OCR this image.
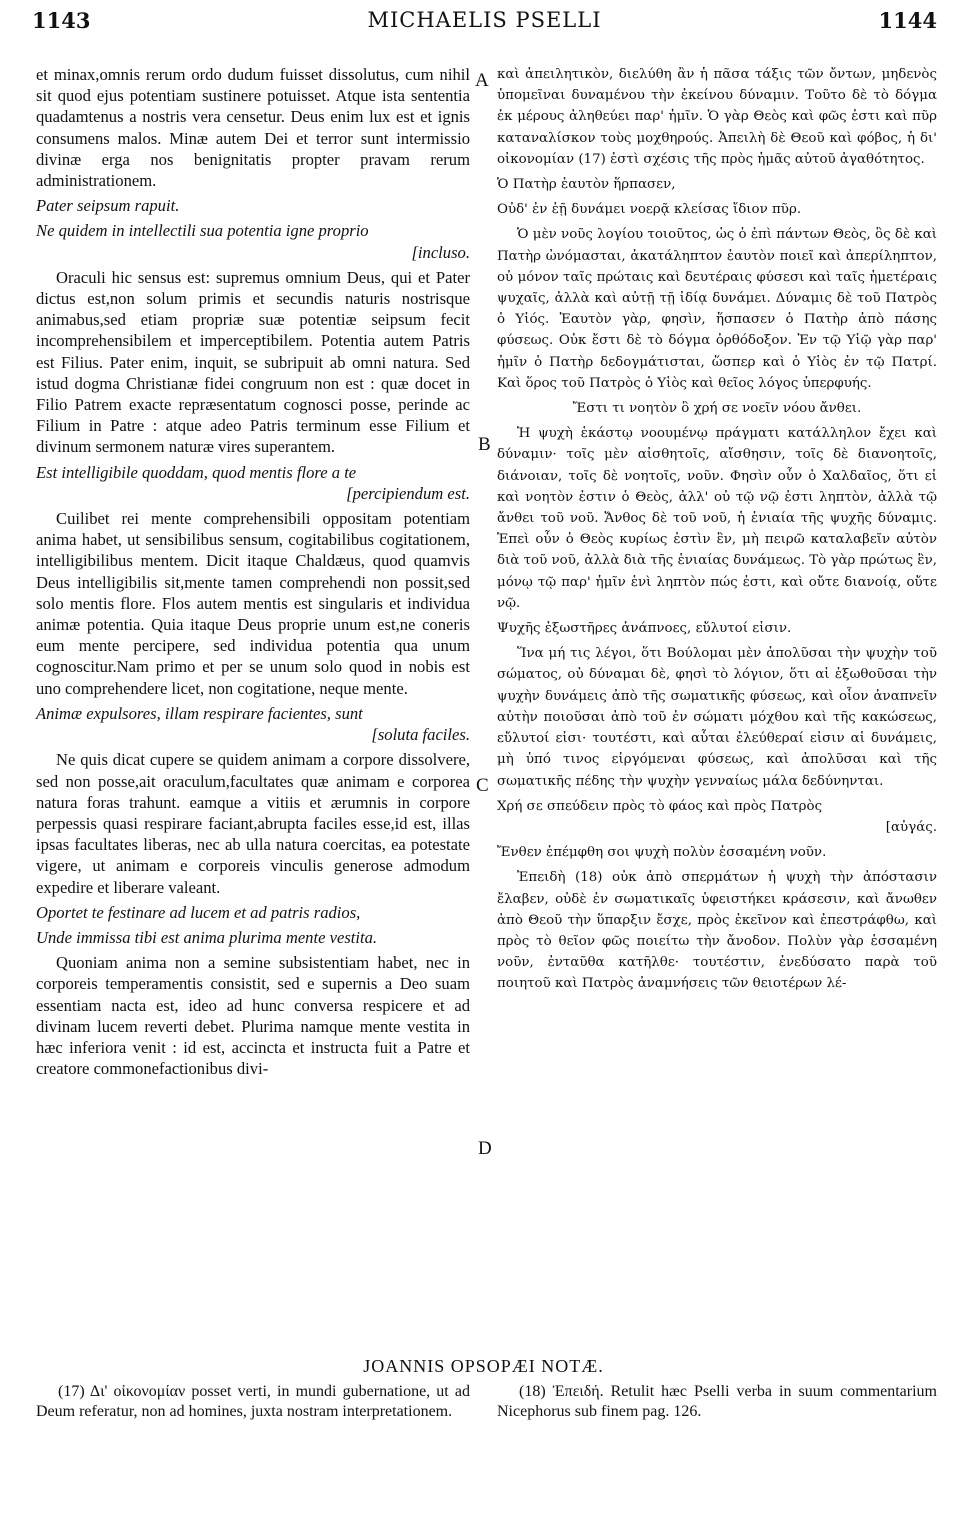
1143	MICHAELIS PSELLI	1144
et minax,omnis rerum ordo dudum fuisset dissolutus, cum nihil sit quod ejus potentiam sustinere potuisset. Atque ista sententia quadamtenus a nostris vera censetur. Deus enim lux est et ignis consumens malos. Minæ autem Dei et terror sunt intermissio divinæ erga nos benignitatis propter pravam rerum administrationem.
Pater seipsum rapuit.
Ne quidem in intellectili sua potentia igne proprio
[incluso.
Oraculi hic sensus est: supremus omnium Deus, qui et Pater dictus est,non solum primis et secundis naturis nostrisque animabus,sed etiam propriæ suæ potentiæ seipsum fecit incomprehensibilem et imperceptibilem. Potentia autem Patris est Filius. Pater enim, inquit, se subripuit ab omni natura. Sed istud dogma Christianæ fidei congruum non est : quæ docet in Filio Patrem exacte repræsentatum cognosci posse, perinde ac Filium in Patre : atque adeo Patris terminum esse Filium et divinum sermonem naturæ vires superantem.
Est intelligibile quoddam, quod mentis flore a te
[percipiendum est.
Cuilibet rei mente comprehensibili oppositam potentiam anima habet, ut sensibilibus sensum, cogitabilibus cogitationem, intelligibilibus mentem. Dicit itaque Chaldæus, quod quamvis Deus intelligibilis sit,mente tamen comprehendi non possit,sed solo mentis flore. Flos autem mentis est singularis et individua animæ potentia. Quia itaque Deus proprie unum est,ne coneris eum mente percipere, sed individua potentia qua unum cognoscitur.Nam primo et per se unum solo quod in nobis est uno comprehendere licet, non cogitatione, neque mente.
Animæ expulsores, illam respirare facientes, sunt
[soluta faciles.
Ne quis dicat cupere se quidem animam a corpore dissolvere, sed non posse,ait oraculum,facultates quæ animam e corporea natura foras trahunt. eamque a vitiis et ærumnis in corpore perpessis quasi respirare faciant,abrupta faciles esse,id est, illas ipsas facultates liberas, nec ab ulla natura coercitas, ea potestate vigere, ut animam e corporeis vinculis generose admodum expedire et liberare valeant.
Oportet te festinare ad lucem et ad patris radios,
Unde immissa tibi est anima plurima mente vestita.
Quoniam anima non a semine subsistentiam habet, nec in corporeis temperamentis consistit, sed e supernis a Deo suam essentiam nacta est, ideo ad hunc conversa respicere et ad divinam lucem reverti debet. Plurima namque mente vestita in hæc inferiora venit : id est, accincta et instructa fuit a Patre et creatore commonefactionibus divi-
καὶ ἀπειλητικὸν, διελύθη ἂν ἡ πᾶσα τάξις τῶν ὄντων, μηδενὸς ὑπομεῖναι δυναμένου τὴν ἐκείνου δύναμιν. Τοῦτο δὲ τὸ δόγμα ἐκ μέρους ἀληθεύει παρ' ἡμῖν. Ὁ γὰρ Θεὸς καὶ φῶς ἐστι καὶ πῦρ καταναλίσκον τοὺς μοχθηρούς. Ἀπειλὴ δὲ Θεοῦ καὶ φόβος, ἡ δι' οἰκονομίαν (17) ἐστὶ σχέσις τῆς πρὸς ἡμᾶς αὐτοῦ ἀγαθότητος.
Ὁ Πατὴρ ἑαυτὸν ἥρπασεν,
Οὐδ' ἐν ἑῇ δυνάμει νοερᾷ κλείσας ἴδιον πῦρ.
Ὁ μὲν νοῦς λογίου τοιοῦτος, ὡς ὁ ἐπὶ πάντων Θεὸς, ὃς δὲ καὶ Πατὴρ ὠνόμασται, ἀκατάληπτον ἑαυτὸν ποιεῖ καὶ ἀπερίληπτον, οὐ μόνον ταῖς πρώταις καὶ δευτέραις φύσεσι καὶ ταῖς ἡμετέραις ψυχαῖς, ἀλλὰ καὶ αὐτῇ τῇ ἰδίᾳ δυνάμει. Δύναμις δὲ τοῦ Πατρὸς ὁ Υἱός. Ἑαυτὸν γὰρ, φησὶν, ἥσπασεν ὁ Πατὴρ ἀπὸ πάσης φύσεως. Οὐκ ἔστι δὲ τὸ δόγμα ὀρθόδοξον. Ἐν τῷ Υἱῷ γὰρ παρ' ἡμῖν ὁ Πατὴρ δεδογμάτισται, ὥσπερ καὶ ὁ Υἱὸς ἐν τῷ Πατρί. Καὶ ὅρος τοῦ Πατρὸς ὁ Υἱὸς καὶ θεῖος λόγος ὑπερφυής.
Ἔστι τι νοητὸν ὃ χρή σε νοεῖν νόου ἄνθει.
Ἡ ψυχὴ ἑκάστῳ νοουμένῳ πράγματι κατάλληλον ἔχει καὶ δύναμιν· τοῖς μὲν αἰσθητοῖς, αἴσθησιν, τοῖς δὲ διανοητοῖς, διάνοιαν, τοῖς δὲ νοητοῖς, νοῦν. Φησὶν οὖν ὁ Χαλδαῖος, ὅτι εἰ καὶ νοητὸν ἐστιν ὁ Θεὸς, ἀλλ' οὐ τῷ νῷ ἐστι ληπτὸν, ἀλλὰ τῷ ἄνθει τοῦ νοῦ. Ἄνθος δὲ τοῦ νοῦ, ἡ ἑνιαία τῆς ψυχῆς δύναμις. Ἐπεὶ οὖν ὁ Θεὸς κυρίως ἐστὶν ἓν, μὴ πειρῶ καταλαβεῖν αὐτὸν διὰ τοῦ νοῦ, ἀλλὰ διὰ τῆς ἑνιαίας δυνάμεως. Τὸ γὰρ πρώτως ἓν, μόνῳ τῷ παρ' ἡμῖν ἑνὶ ληπτὸν πώς ἐστι, καὶ οὔτε διανοίᾳ, οὔτε νῷ.
Ψυχῆς ἐξωστῆρες ἀνάπνοες, εὔλυτοί εἰσιν.
Ἵνα μή τις λέγοι, ὅτι Βούλομαι μὲν ἀπολῦσαι τὴν ψυχὴν τοῦ σώματος, οὐ δύναμαι δὲ, φησὶ τὸ λόγιον, ὅτι αἱ ἐξωθοῦσαι τὴν ψυχὴν δυνάμεις ἀπὸ τῆς σωματικῆς φύσεως, καὶ οἷον ἀναπνεῖν αὐτὴν ποιοῦσαι ἀπὸ τοῦ ἐν σώματι μόχθου καὶ τῆς κακώσεως, εὔλυτοί εἰσι· τουτέστι, καὶ αὗται ἐλεύθεραί εἰσιν αἱ δυνάμεις, μὴ ὑπό τινος εἰργόμεναι φύσεως, καὶ ἀπολῦσαι καὶ τῆς σωματικῆς πέδης τὴν ψυχὴν γενναίως μάλα δεδύνηνται.
Χρή σε σπεύδειν πρὸς τὸ φάος καὶ πρὸς Πατρὸς
[αὐγάς.
Ἔνθεν ἐπέμφθη σοι ψυχὴ πολὺν ἑσσαμένη νοῦν.
Ἐπειδὴ (18) οὐκ ἀπὸ σπερμάτων ἡ ψυχὴ τὴν ἀπόστασιν ἔλαβεν, οὐδὲ ἐν σωματικαῖς ὑφειστήκει κράσεσιν, καὶ ἄνωθεν ἀπὸ Θεοῦ τὴν ὕπαρξιν ἔσχε, πρὸς ἐκεῖνον καὶ ἐπεστράφθω, καὶ πρὸς τὸ θεῖον φῶς ποιείτω τὴν ἄνοδον. Πολὺν γὰρ ἑσσαμένη νοῦν, ἐνταῦθα κατῆλθε· τουτέστιν, ἐνεδύσατο παρὰ τοῦ ποιητοῦ καὶ Πατρὸς ἀναμνήσεις τῶν θειοτέρων λέ-
A
B
C
D
JOANNIS OPSOPÆI NOTÆ.
(17) Δι' οἰκονομίαν posset verti, in mundi gubernatione, ut ad Deum referatur, non ad homines, juxta nostram interpretationem.
(18) Ἐπειδή. Retulit hæc Pselli verba in suum commentarium Nicephorus sub finem pag. 126.
